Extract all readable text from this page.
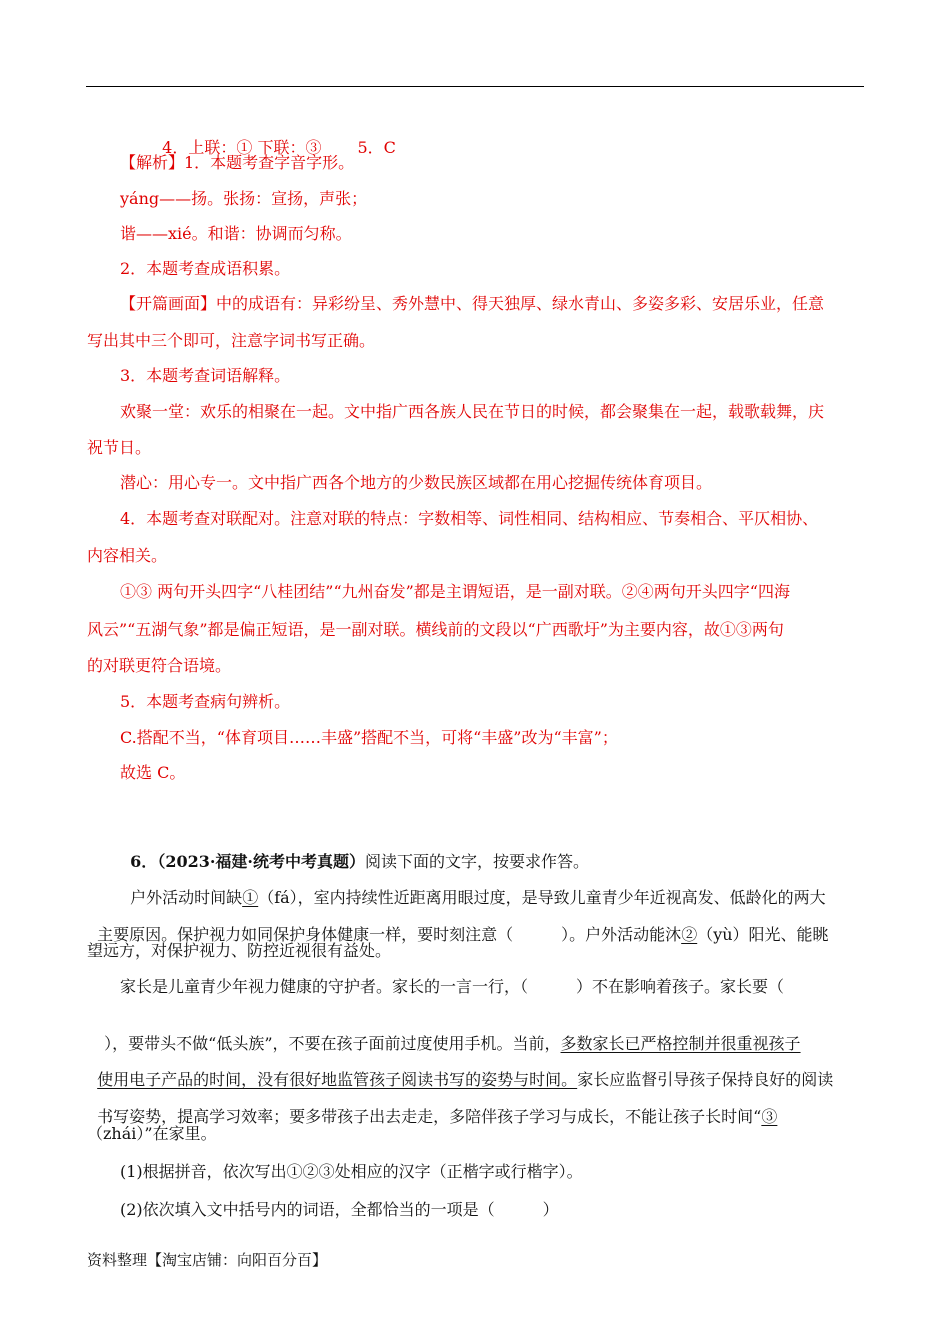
4．上联：① 下联：③ 5．C

【解析】1．本题考查字音字形。
yáng——扬。张扬：宣扬，声张；
谐——xié。和谐：协调而匀称。
2．本题考查成语积累。
【开篇画面】中的成语有：异彩纷呈、秀外慧中、得天独厚、绿水青山、多姿多彩、安居乐业，任意
写出其中三个即可，注意字词书写正确。
3．本题考查词语解释。
欢聚一堂：欢乐的相聚在一起。文中指广西各族人民在节日的时候，都会聚集在一起，载歌载舞，庆
祝节日。
潜心：用心专一。文中指广西各个地方的少数民族区域都在用心挖掘传统体育项目。
4．本题考查对联配对。注意对联的特点：字数相等、词性相同、结构相应、节奏相合、平仄相协、
内容相关。
①③ 两句开头四字“八桂团结”“九州奋发”都是主谓短语，是一副对联。②④两句开头四字“四海
风云”“五湖气象”都是偏正短语，是一副对联。横线前的文段以“广西歌圩”为主要内容，故①③两句
的对联更符合语境。
5．本题考查病句辨析。
C.搭配不当，“体育项目……丰盛”搭配不当，可将“丰盛”改为“丰富”；
故选 C。

6．（2023·福建·统考中考真题）阅读下面的文字，按要求作答。

户外活动时间缺①（fá），室内持续性近距离用眼过度，是导致儿童青少年近视高发、低龄化的两大

主要原因。保护视力如同保护身体健康一样，要时刻注意（　　　）。户外活动能沐②（yù）阳光、能眺

望远方，对保护视力、防控近视很有益处。
家长是儿童青少年视力健康的守护者。家长的一言一行，（　　　）不在影响着孩子。家长要（

），要带头不做“低头族”，不要在孩子面前过度使用手机。当前，多数家长已严格控制并很重视孩子

使用电子产品的时间，没有很好地监管孩子阅读书写的姿势与时间。家长应监督引导孩子保持良好的阅读

书写姿势，提高学习效率；要多带孩子出去走走，多陪伴孩子学习与成长，不能让孩子长时间“③

（zhái）”在家里。
(1)根据拼音，依次写出①②③处相应的汉字（正楷字或行楷字）。
(2)依次填入文中括号内的词语，全都恰当的一项是（　　　）
资料整理【淘宝店铺：向阳百分百】
